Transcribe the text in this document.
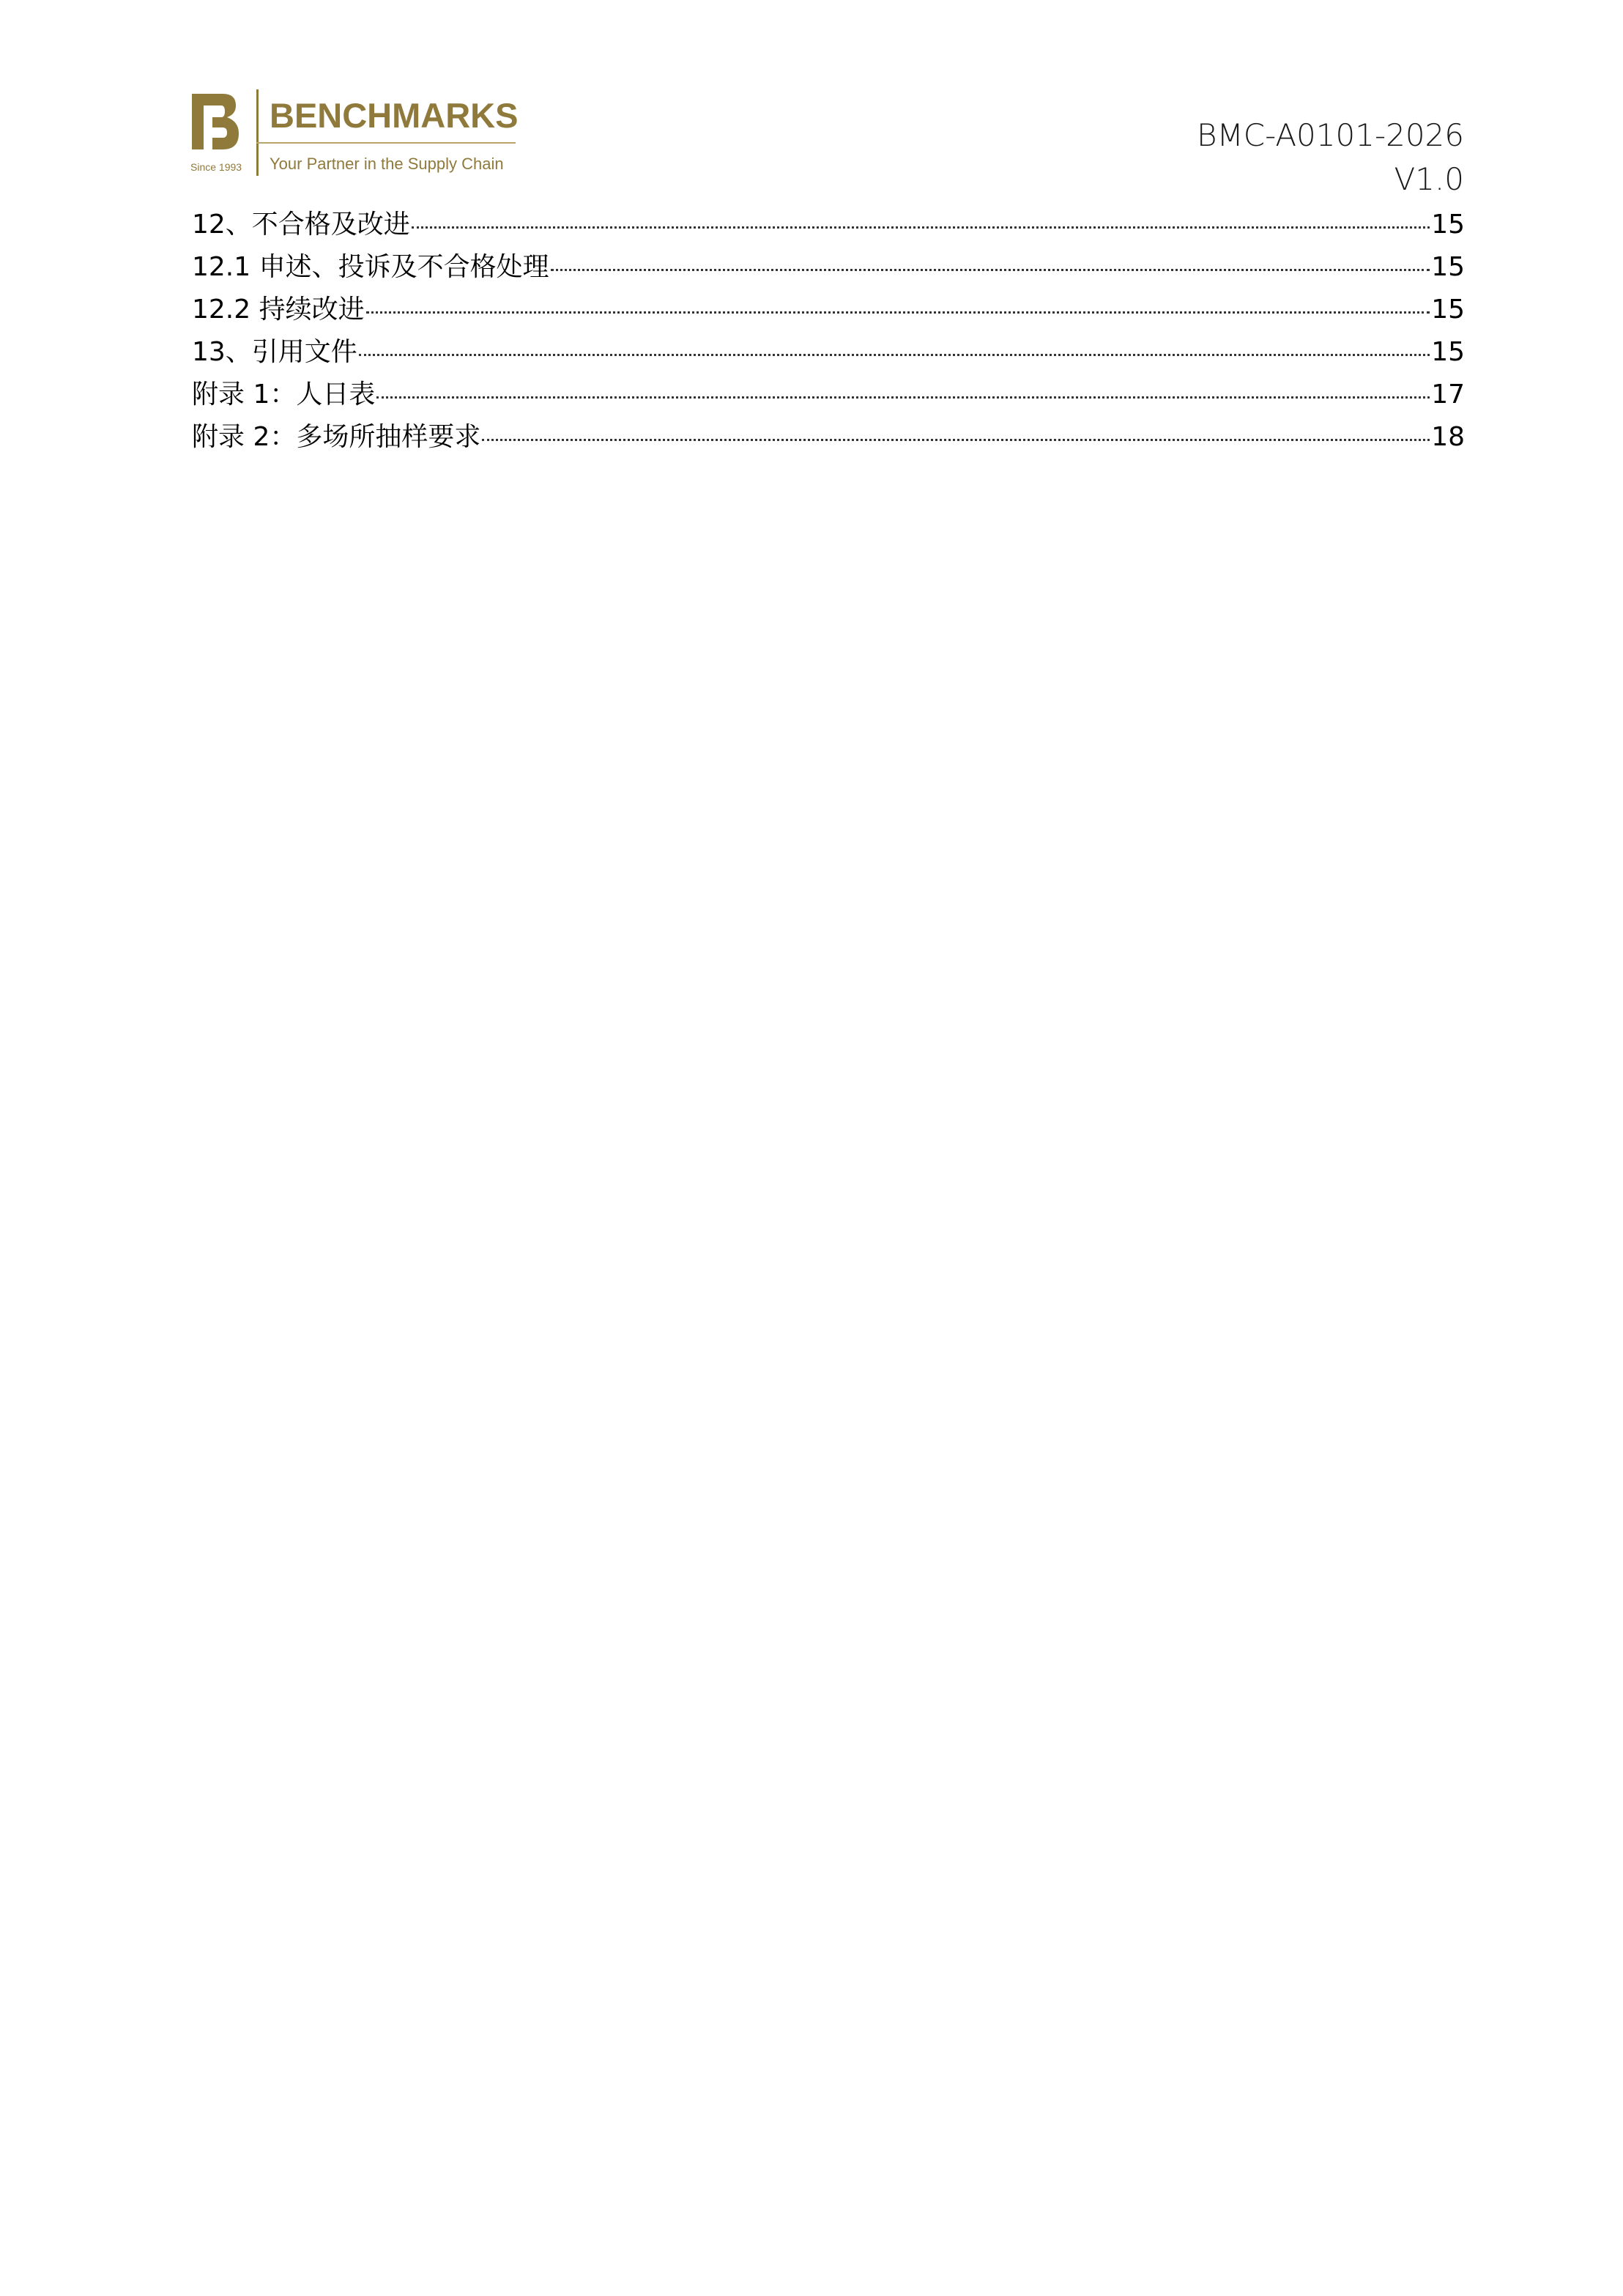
Since 1993
BENCHMARKS
Your Partner in the Supply Chain
BMC-A0101-2026
V1.0
12、不合格及改进	15
12.1 申述、投诉及不合格处理	15
12.2 持续改进	15
13、引用文件	15
附录 1：人日表	17
附录 2：多场所抽样要求	18
